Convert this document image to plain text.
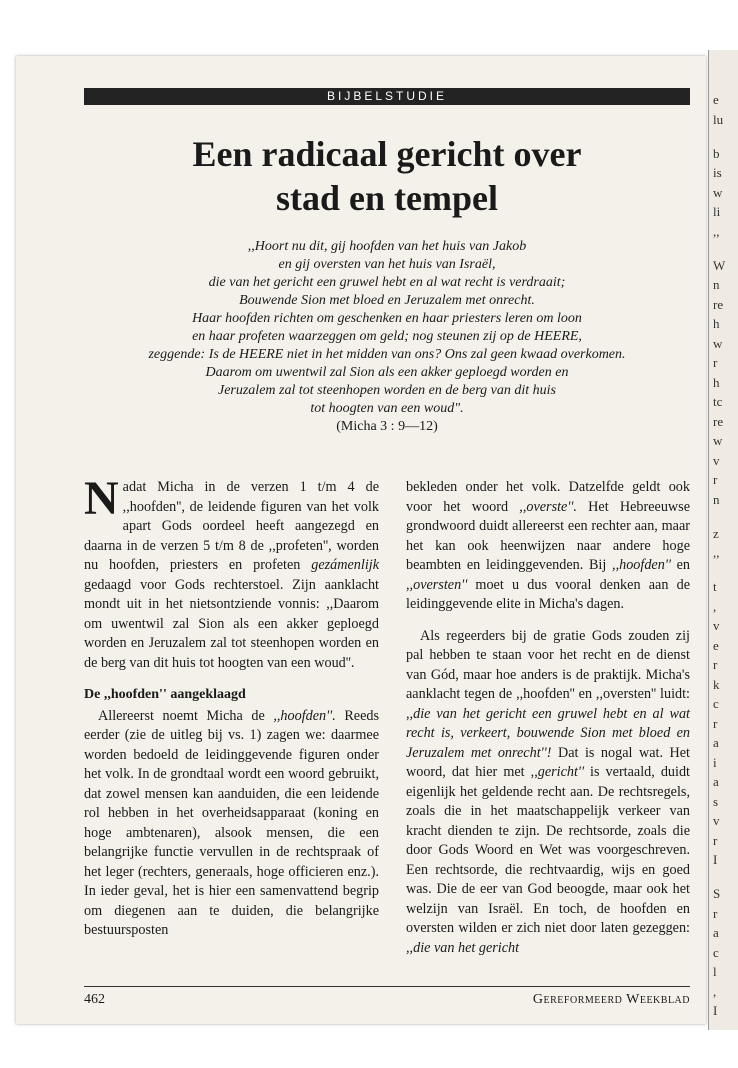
e
lu
b
is
w
li
,,
W
n
re
h
w
r
h
tc
re
w
v
r
n
z
,,
t
,
v
e
r
k
c
r
a
i
a
s
v
r
I
S
r
a
c
l
,
I
BIJBELSTUDIE
Een radicaal gericht over
stad en tempel
,,Hoort nu dit, gij hoofden van het huis van Jakob
en gij oversten van het huis van Israël,
die van het gericht een gruwel hebt en al wat recht is verdraait;
Bouwende Sion met bloed en Jeruzalem met onrecht.
Haar hoofden richten om geschenken en haar priesters leren om loon
en haar profeten waarzeggen om geld; nog steunen zij op de HEERE,
zeggende: Is de HEERE niet in het midden van ons? Ons zal geen kwaad overkomen.
Daarom om uwentwil zal Sion als een akker geploegd worden en
Jeruzalem zal tot steenhopen worden en de berg van dit huis
tot hoogten van een woud".
(Micha 3 : 9—12)

Nadat Micha in de verzen 1 t/m 4 de ,,hoofden'', de leidende figuren van het volk apart Gods oordeel heeft aangezegd en daarna in de verzen 5 t/m 8 de ,,profeten'', worden nu hoofden, priesters en profeten gezámenlijk gedaagd voor Gods rechterstoel. Zijn aanklacht mondt uit in het nietsontziende vonnis: ,,Daarom om uwentwil zal Sion als een akker geploegd worden en Jeruzalem zal tot steenhopen worden en de berg van dit huis tot hoogten van een woud''.

De ,,hoofden'' aangeklaagd

Allereerst noemt Micha de ,,hoofden''. Reeds eerder (zie de uitleg bij vs. 1) zagen we: daarmee worden bedoeld de leidinggevende figuren onder het volk. In de grondtaal wordt een woord gebruikt, dat zowel mensen kan aanduiden, die een leidende rol hebben in het overheidsapparaat (koning en hoge ambtenaren), alsook mensen, die een belangrijke functie vervullen in de rechtspraak of het leger (rechters, generaals, hoge officieren enz.). In ieder geval, het is hier een samenvattend begrip om diegenen aan te duiden, die belangrijke bestuursposten

bekleden onder het volk. Datzelfde geldt ook voor het woord ,,overste''. Het Hebreeuwse grondwoord duidt allereerst een rechter aan, maar het kan ook heenwijzen naar andere hoge beambten en leidinggevenden. Bij ,,hoofden'' en ,,oversten'' moet u dus vooral denken aan de leidinggevende elite in Micha's dagen.

Als regeerders bij de gratie Gods zouden zij pal hebben te staan voor het recht en de dienst van Gód, maar hoe anders is de praktijk. Micha's aanklacht tegen de ,,hoofden'' en ,,oversten'' luidt: ,,die van het gericht een gruwel hebt en al wat recht is, verkeert, bouwende Sion met bloed en Jeruzalem met onrecht''! Dat is nogal wat. Het woord, dat hier met ,,gericht'' is vertaald, duidt eigenlijk het geldende recht aan. De rechtsregels, zoals die in het maatschappelijk verkeer van kracht dienden te zijn. De rechtsorde, zoals die door Gods Woord en Wet was voorgeschreven. Een rechtsorde, die rechtvaardig, wijs en goed was. Die de eer van God beoogde, maar ook het welzijn van Israël. En toch, de hoofden en oversten wilden er zich niet door laten gezeggen: ,,die van het gericht

462	Gereformeerd Weekblad
